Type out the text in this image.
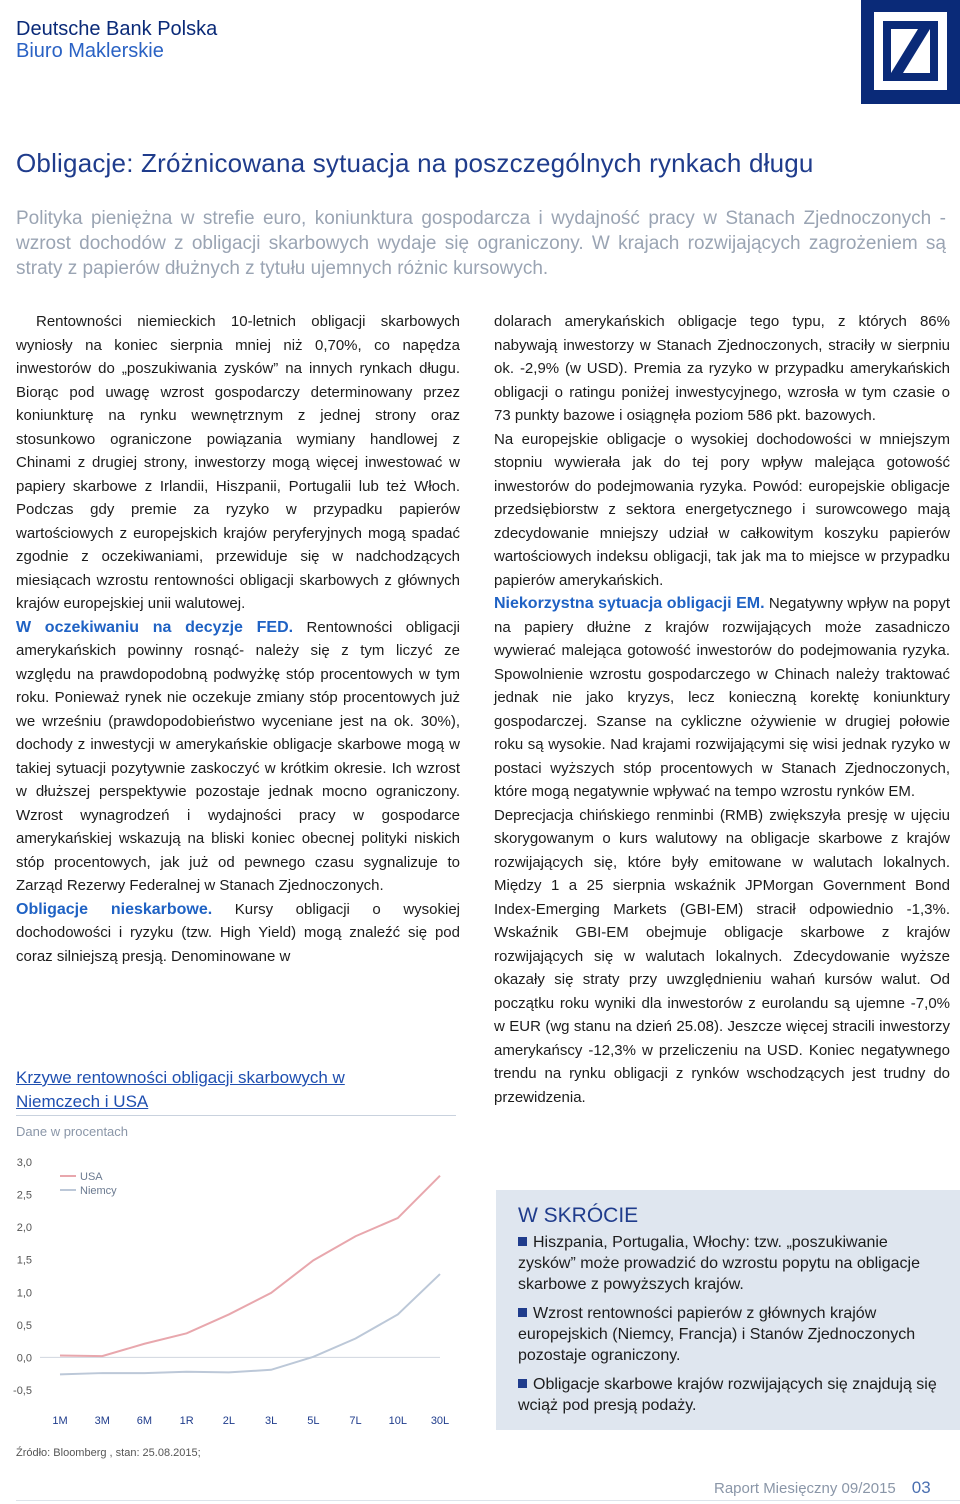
Deutsche Bank Polska
Biuro Maklerskie
Obligacje: Zróżnicowana sytuacja na poszczególnych rynkach długu
Polityka pieniężna w strefie euro, koniunktura gospodarcza i wydajność pracy w Stanach Zjednoczonych - wzrost dochodów z obligacji skarbowych wydaje się ograniczony. W krajach rozwijających zagrożeniem są straty z papierów dłużnych z tytułu ujemnych różnic kursowych.

Rentowności niemieckich 10-letnich obligacji skarbowych wyniosły na koniec sierpnia mniej niż 0,70%, co napędza inwestorów do „poszukiwania zysków” na innych rynkach długu. Biorąc pod uwagę wzrost gospodarczy determinowany przez koniunkturę na rynku wewnętrznym z jednej strony oraz stosunkowo ograniczone powiązania wymiany handlowej z Chinami z drugiej strony, inwestorzy mogą więcej inwestować w papiery skarbowe z Irlandii, Hiszpanii, Portugalii lub też Włoch. Podczas gdy premie za ryzyko w przypadku papierów wartościowych z europejskich krajów peryferyjnych mogą spadać zgodnie z oczekiwaniami, przewiduje się w nadchodzących miesiącach wzrostu rentowności obligacji skarbowych z głównych krajów europejskiej unii walutowej.

W oczekiwaniu na decyzje FED. Rentowności obligacji amerykańskich powinny rosnąć- należy się z tym liczyć ze względu na prawdopodobną podwyżkę stóp procentowych w tym roku. Ponieważ rynek nie oczekuje zmiany stóp procentowych już we wrześniu (prawdopodobieństwo wyceniane jest na ok. 30%), dochody z inwestycji w amerykańskie obligacje skarbowe mogą w takiej sytuacji pozytywnie zaskoczyć w krótkim okresie. Ich wzrost w dłuższej perspektywie pozostaje jednak mocno ograniczony. Wzrost wynagrodzeń i wydajności pracy w gospodarce amerykańskiej wskazują na bliski koniec obecnej polityki niskich stóp procentowych, jak już od pewnego czasu sygnalizuje to Zarząd Rezerwy Federalnej w Stanach Zjednoczonych.

Obligacje nieskarbowe. Kursy obligacji o wysokiej dochodowości i ryzyku (tzw. High Yield) mogą znaleźć się pod coraz silniejszą presją. Denominowane w

dolarach amerykańskich obligacje tego typu, z których 86% nabywają inwestorzy w Stanach Zjednoczonych, straciły w sierpniu ok. -2,9% (w USD). Premia za ryzyko w przypadku amerykańskich obligacji o ratingu poniżej inwestycyjnego, wzrosła w tym czasie o 73 punkty bazowe i osiągnęła poziom 586 pkt. bazowych.

Na europejskie obligacje o wysokiej dochodowości w mniejszym stopniu wywierała jak do tej pory wpływ malejąca gotowość inwestorów do podejmowania ryzyka. Powód: europejskie obligacje przedsiębiorstw z sektora energetycznego i surowcowego mają zdecydowanie mniejszy udział w całkowitym koszyku papierów wartościowych indeksu obligacji, tak jak ma to miejsce w przypadku papierów amerykańskich.

Niekorzystna sytuacja obligacji EM. Negatywny wpływ na popyt na papiery dłużne z krajów rozwijających może zasadniczo wywierać malejąca gotowość inwestorów do podejmowania ryzyka. Spowolnienie wzrostu gospodarczego w Chinach należy traktować jednak nie jako kryzys, lecz konieczną korektę koniunktury gospodarczej. Szanse na cykliczne ożywienie w drugiej połowie roku są wysokie. Nad krajami rozwijającymi się wisi jednak ryzyko w postaci wyższych stóp procentowych w Stanach Zjednoczonych, które mogą negatywnie wpływać na tempo wzrostu rynków EM.

Deprecjacja chińskiego renminbi (RMB) zwiększyła presję w ujęciu skorygowanym o kurs walutowy na obligacje skarbowe z krajów rozwijających się, które były emitowane w walutach lokalnych. Między 1 a 25 sierpnia wskaźnik JPMorgan Government Bond Index-Emerging Markets (GBI-EM) stracił odpowiednio -1,3%. Wskaźnik GBI-EM obejmuje obligacje skarbowe z krajów rozwijających się w walutach lokalnych. Zdecydowanie wyższe okazały się straty przy uwzględnieniu wahań kursów walut. Od początku roku wyniki dla inwestorów z eurolandu są ujemne -7,0% w EUR (wg stanu na dzień 25.08). Jeszcze więcej stracili inwestorzy amerykańscy -12,3% w przeliczeniu na USD. Koniec negatywnego trendu na rynku obligacji z rynków wschodzących jest trudny do przewidzenia.

Krzywe rentowności obligacji skarbowych w Niemczech i USA
Dane w procentach
3,0
2,5
2,0
1,5
1,0
0,5
0,0
-0,5
1M 3M 6M	1R	2L	3L	5L	7L 10L 30L
USA
Niemcy
Źródło: Bloomberg , stan: 25.08.2015;
W SKRÓCIE
Hiszpania, Portugalia, Włochy: tzw. „poszukiwanie zysków” może prowadzić do wzrostu popytu na obligacje skarbowe z powyższych krajów.
Wzrost rentowności papierów z głównych krajów europejskich (Niemcy, Francja) i Stanów Zjednoczonych pozostaje ograniczony.
Obligacje skarbowe krajów rozwijających się znajdują się wciąż pod presją podaży.
Raport Miesięczny 09/2015 03
